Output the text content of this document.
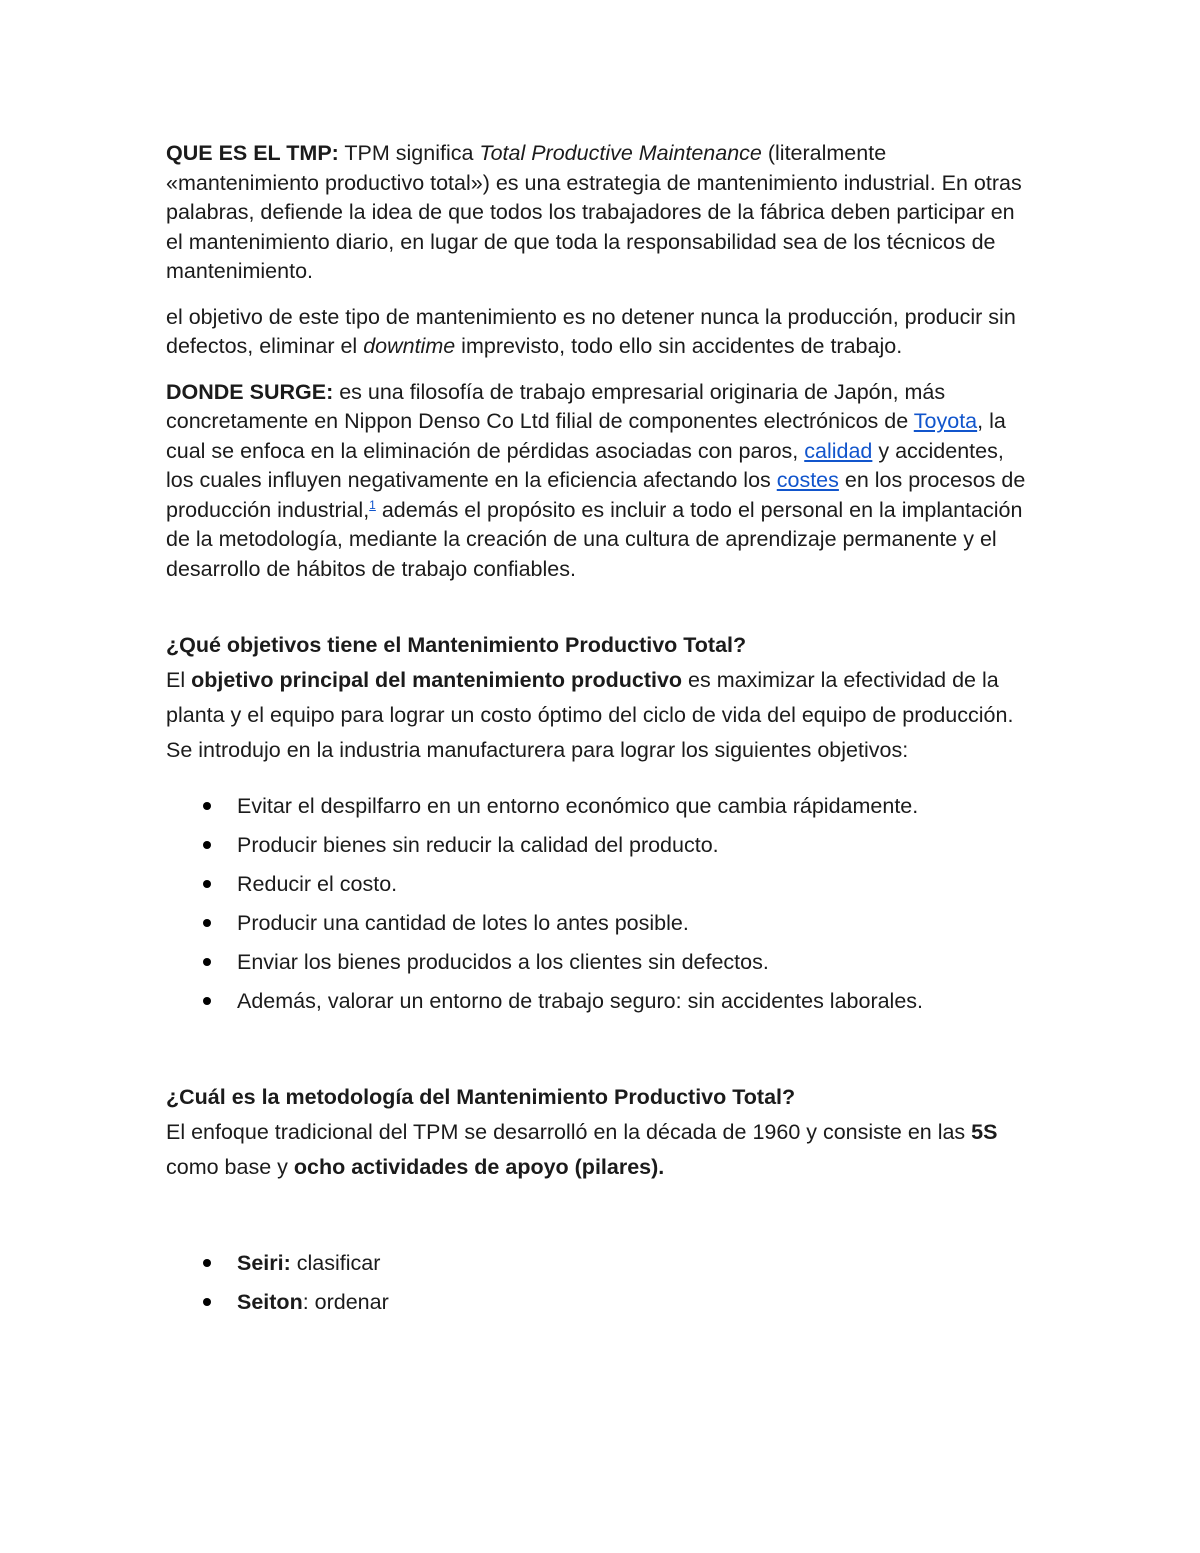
QUE ES EL TMP: TPM significa Total Productive Maintenance (literalmente «mantenimiento productivo total») es una estrategia de mantenimiento industrial. En otras palabras, defiende la idea de que todos los trabajadores de la fábrica deben participar en el mantenimiento diario, en lugar de que toda la responsabilidad sea de los técnicos de mantenimiento.

el objetivo de este tipo de mantenimiento es no detener nunca la producción, producir sin defectos, eliminar el downtime imprevisto, todo ello sin accidentes de trabajo.

DONDE SURGE: es una filosofía de trabajo empresarial originaria de Japón, más concretamente en Nippon Denso Co Ltd filial de componentes electrónicos de Toyota, la cual se enfoca en la eliminación de pérdidas asociadas con paros, calidad y accidentes, los cuales influyen negativamente en la eficiencia afectando los costes en los procesos de producción industrial,$^1$ además el propósito es incluir a todo el personal en la implantación de la metodología, mediante la creación de una cultura de aprendizaje permanente y el desarrollo de hábitos de trabajo confiables.

¿Qué objetivos tiene el Mantenimiento Productivo Total?

El objetivo principal del mantenimiento productivo es maximizar la efectividad de la planta y el equipo para lograr un costo óptimo del ciclo de vida del equipo de producción. Se introdujo en la industria manufacturera para lograr los siguientes objetivos:

Evitar el despilfarro en un entorno económico que cambia rápidamente.
Producir bienes sin reducir la calidad del producto.
Reducir el costo.
Producir una cantidad de lotes lo antes posible.
Enviar los bienes producidos a los clientes sin defectos.
Además, valorar un entorno de trabajo seguro: sin accidentes laborales.

¿Cuál es la metodología del Mantenimiento Productivo Total?

El enfoque tradicional del TPM se desarrolló en la década de 1960 y consiste en las 5S como base y ocho actividades de apoyo (pilares).

Seiri: clasificar
Seiton: ordenar
